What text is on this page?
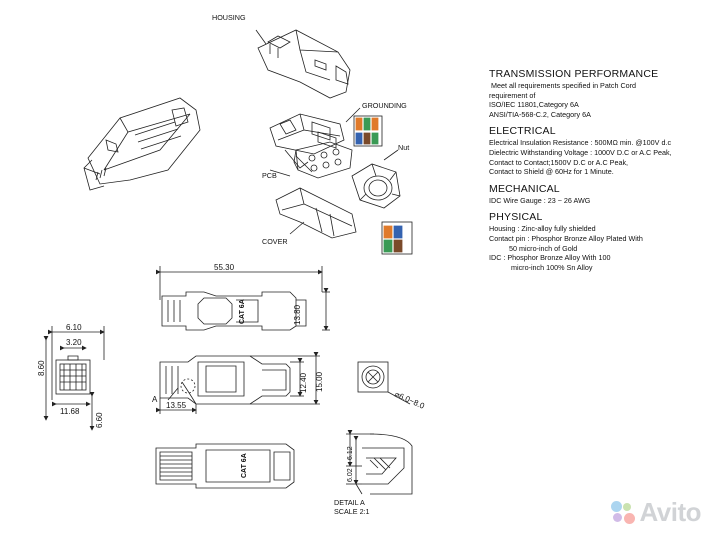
HOUSING
GROUNDING
PCB
Nut
COVER
DETAIL A
SCALE 2:1
A
55.30
13.80
6.10
3.20
8.60
11.68
6.60
12.40 15.00
13.55	⌀6.0~8.0
6.12
6.02
CAT 6A
CAT 6A
TRANSMISSION PERFORMANCE

Meet all requirements specified in Patch Cord

requirement of

ISO/IEC 11801,Category 6A

ANSI/TIA-568-C.2, Category 6A

ELECTRICAL

Electrical Insulation Resistance : 500MΩ min. @100V d.c

Dielectric Withstanding Voltage : 1000V D.C or A.C Peak,

Contact to Contact;1500V D.C or A.C Peak,

Contact to Shield @ 60Hz for 1 Minute.

MECHANICAL

IDC Wire Gauge : 23 ~ 26 AWG

PHYSICAL

Housing : Zinc-alloy fully shielded

Contact pin : Phosphor Bronze Alloy Plated With

50 micro-inch of Gold

IDC : Phosphor Bronze Alloy With 100

micro-inch 100% Sn Alloy

Avito
